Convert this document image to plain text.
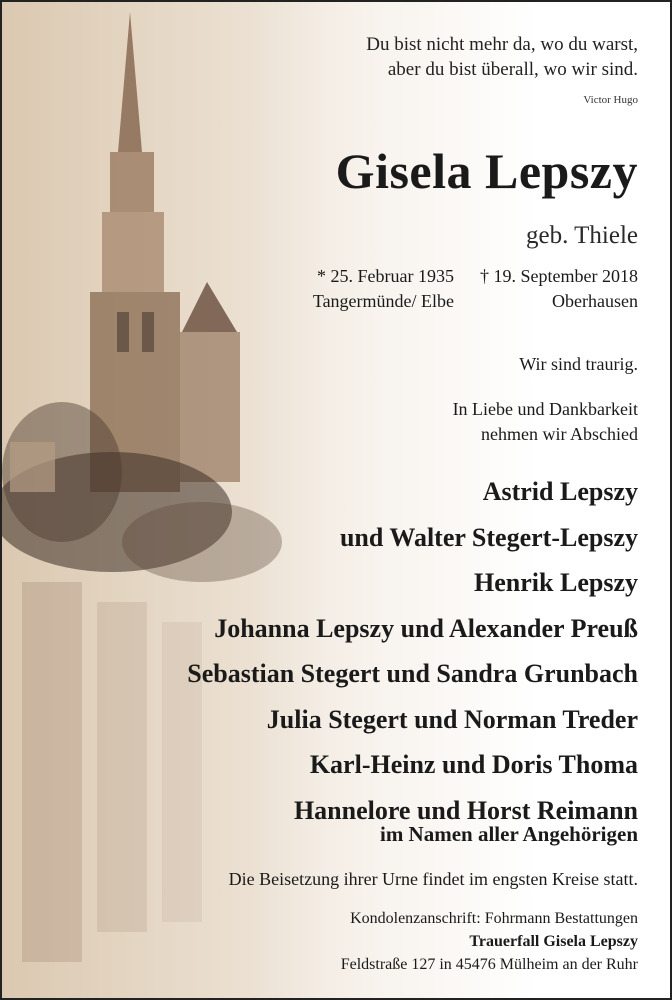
Du bist nicht mehr da, wo du warst,
aber du bist überall, wo wir sind.
Victor Hugo
Gisela Lepszy
geb. Thiele
* 25. Februar 1935
Tangermünde/ Elbe
† 19. September 2018
Oberhausen
Wir sind traurig.
In Liebe und Dankbarkeit
nehmen wir Abschied
Astrid Lepszy
und Walter Stegert-Lepszy
Henrik Lepszy
Johanna Lepszy und Alexander Preuß
Sebastian Stegert und Sandra Grunbach
Julia Stegert und Norman Treder
Karl-Heinz und Doris Thoma
Hannelore und Horst Reimann
im Namen aller Angehörigen
Die Beisetzung ihrer Urne findet im engsten Kreise statt.
Kondolenzanschrift: Fohrmann Bestattungen
Trauerfall Gisela Lepszy
Feldstraße 127 in 45476 Mülheim an der Ruhr
